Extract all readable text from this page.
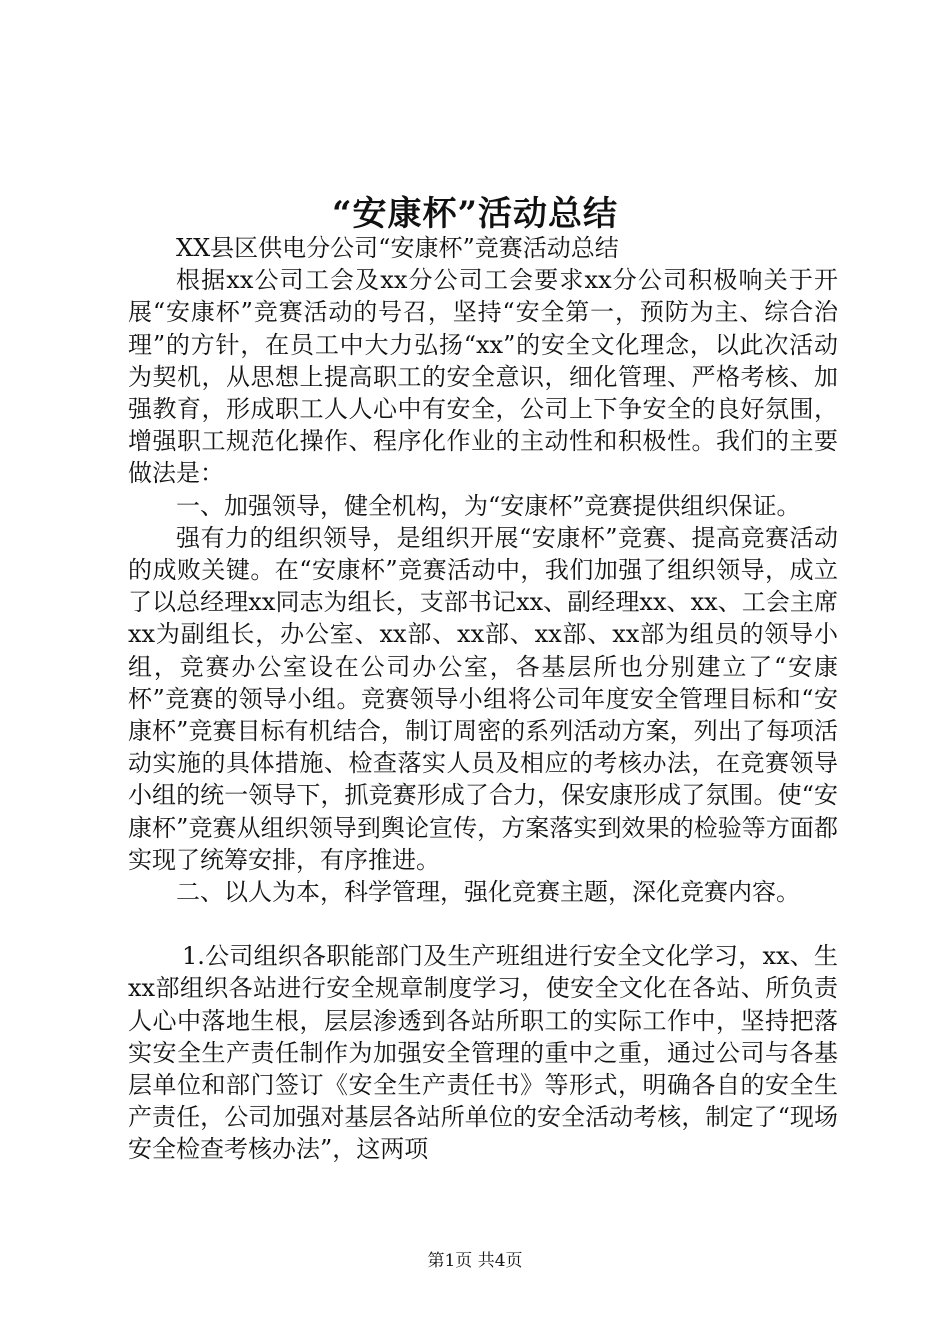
“安康杯”活动总结

XX县区供电分公司“安康杯”竞赛活动总结

根据xx公司工会及xx分公司工会要求xx分公司积极响关于开展“安康杯”竞赛活动的号召，坚持“安全第一，预防为主、综合治理”的方针，在员工中大力弘扬“xx”的安全文化理念，以此次活动为契机，从思想上提高职工的安全意识，细化管理、严格考核、加强教育，形成职工人人心中有安全，公司上下争安全的良好氛围，增强职工规范化操作、程序化作业的主动性和积极性。我们的主要做法是：

一、加强领导，健全机构，为“安康杯”竞赛提供组织保证。

强有力的组织领导，是组织开展“安康杯”竞赛、提高竞赛活动的成败关键。在“安康杯”竞赛活动中，我们加强了组织领导，成立了以总经理xx同志为组长，支部书记xx、副经理xx、xx、工会主席xx为副组长，办公室、xx部、xx部、xx部、xx部为组员的领导小组，竞赛办公室设在公司办公室，各基层所也分别建立了“安康杯”竞赛的领导小组。竞赛领导小组将公司年度安全管理目标和“安康杯”竞赛目标有机结合，制订周密的系列活动方案，列出了每项活动实施的具体措施、检查落实人员及相应的考核办法，在竞赛领导小组的统一领导下，抓竞赛形成了合力，保安康形成了氛围。使“安康杯”竞赛从组织领导到舆论宣传，方案落实到效果的检验等方面都实现了统筹安排，有序推进。

二、以人为本，科学管理，强化竞赛主题，深化竞赛内容。

1.公司组织各职能部门及生产班组进行安全文化学习，xx、生xx部组织各站进行安全规章制度学习，使安全文化在各站、所负责人心中落地生根，层层渗透到各站所职工的实际工作中，坚持把落实安全生产责任制作为加强安全管理的重中之重，通过公司与各基层单位和部门签订《安全生产责任书》等形式，明确各自的安全生产责任，公司加强对基层各站所单位的安全活动考核，制定了“现场安全检查考核办法”，这两项

第1页 共4页
